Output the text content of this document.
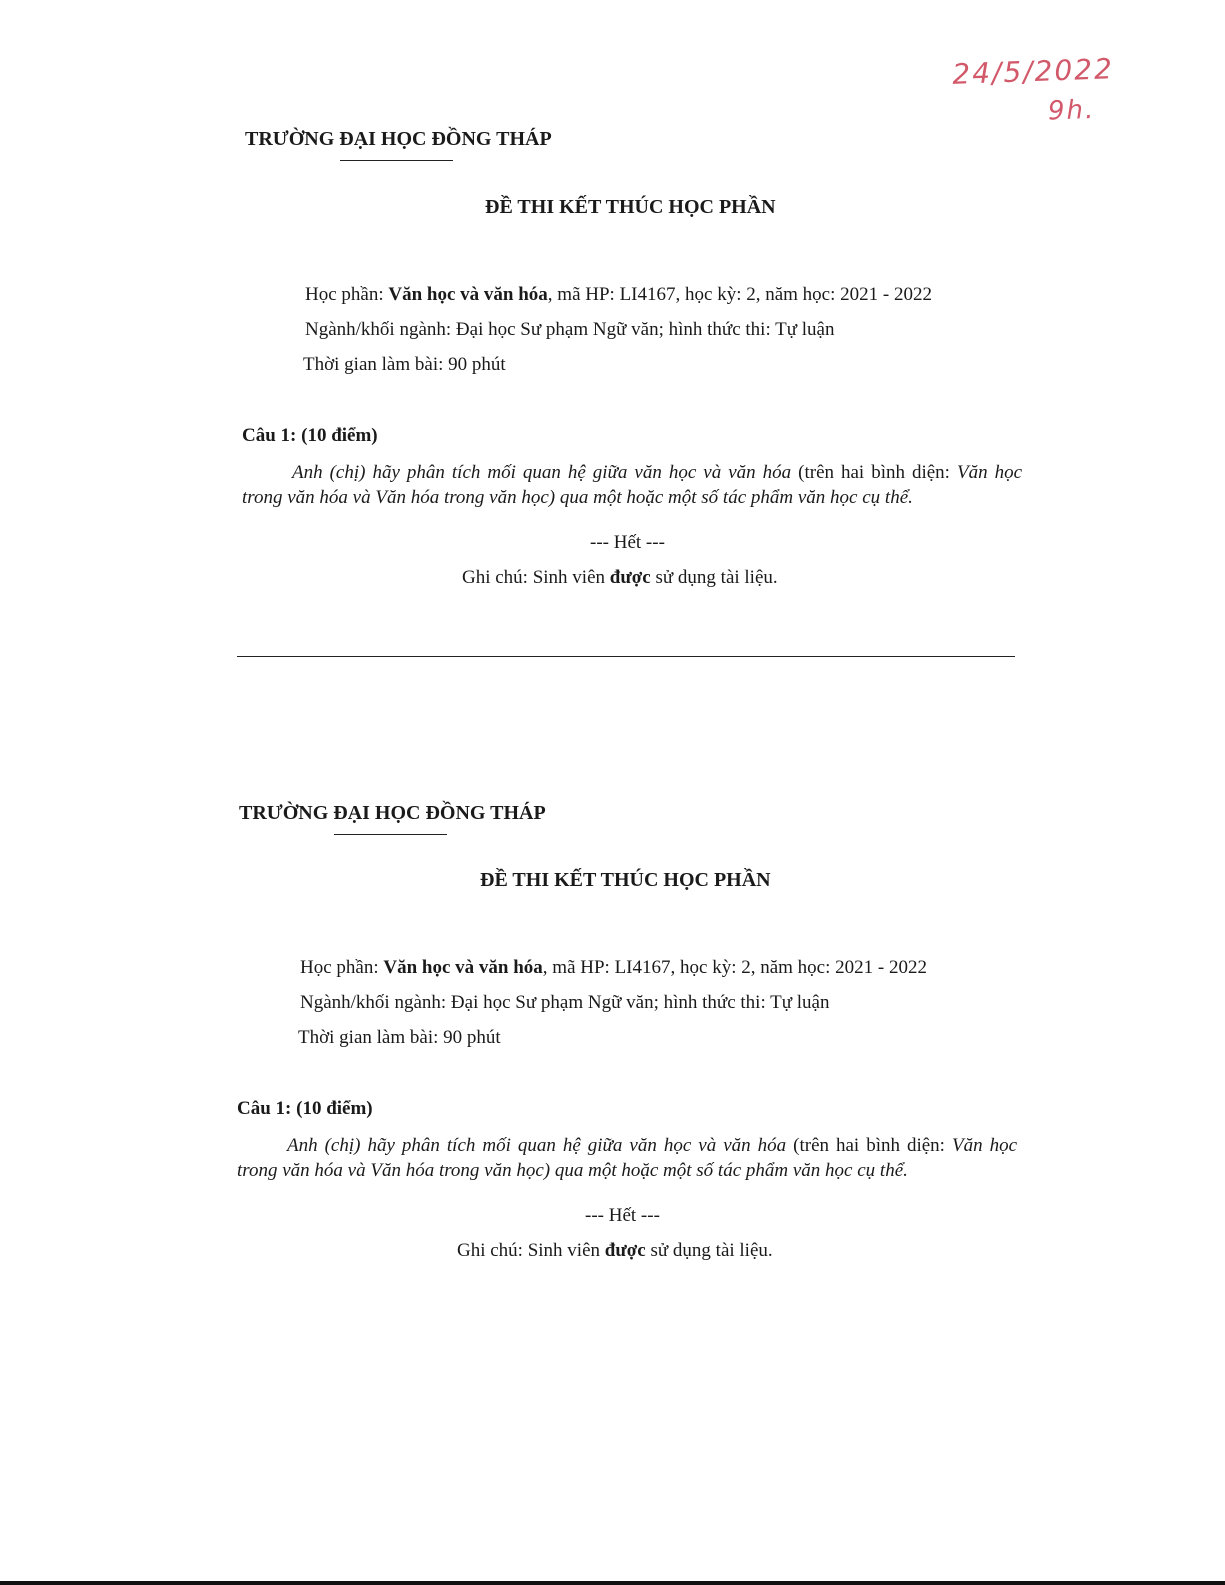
24/5/2022
9h.
TRƯỜNG ĐẠI HỌC ĐỒNG THÁP
ĐỀ THI KẾT THÚC HỌC PHẦN
Học phần: Văn học và văn hóa, mã HP: LI4167, học kỳ: 2, năm học: 2021 - 2022
Ngành/khối ngành: Đại học Sư phạm Ngữ văn; hình thức thi: Tự luận
Thời gian làm bài: 90 phút
Câu 1: (10 điểm)
Anh (chị) hãy phân tích mối quan hệ giữa văn học và văn hóa (trên hai bình diện: Văn học trong văn hóa và Văn hóa trong văn học) qua một hoặc một số tác phẩm văn học cụ thể.
--- Hết ---
Ghi chú: Sinh viên được sử dụng tài liệu.
TRƯỜNG ĐẠI HỌC ĐỒNG THÁP
ĐỀ THI KẾT THÚC HỌC PHẦN
Học phần: Văn học và văn hóa, mã HP: LI4167, học kỳ: 2, năm học: 2021 - 2022
Ngành/khối ngành: Đại học Sư phạm Ngữ văn; hình thức thi: Tự luận
Thời gian làm bài: 90 phút
Câu 1: (10 điểm)
Anh (chị) hãy phân tích mối quan hệ giữa văn học và văn hóa (trên hai bình diện: Văn học trong văn hóa và Văn hóa trong văn học) qua một hoặc một số tác phẩm văn học cụ thể.
--- Hết ---
Ghi chú: Sinh viên được sử dụng tài liệu.
